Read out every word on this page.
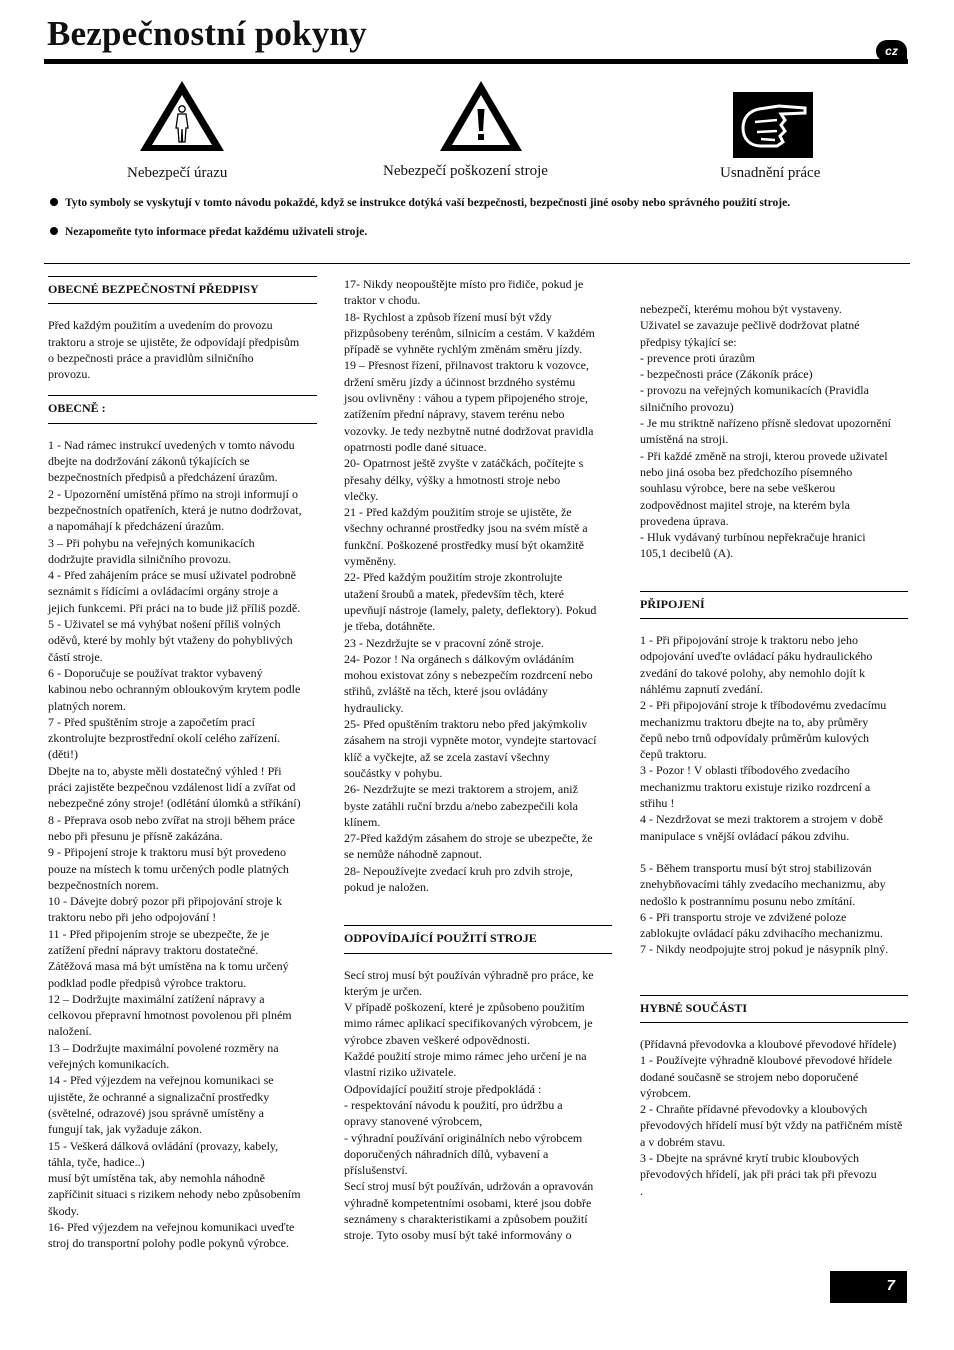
Bezpečnostní pokyny	cz
Nebezpečí úrazu	Nebezpečí poškození stroje	Usnadnění práce
Tyto symboly se vyskytují v tomto návodu pokaždé, když se instrukce dotýká vaší bezpečnosti, bezpečnosti jiné osoby nebo správného použití stroje.
Nezapomeňte tyto informace předat každému uživateli stroje.
OBECNÉ BEZPEČNOSTNÍ PŘEDPISY

Před každým použitím a uvedením do provozu

traktoru a stroje se ujistěte, že odpovídají předpisům

o bezpečnosti práce a pravidlům silničního

provozu.

OBECNĚ :

1 - Nad rámec instrukcí uvedených v tomto návodu

dbejte na dodržování zákonů týkajících se

bezpečnostních předpisů a předcházení úrazům.

2 - Upozornění umístěná přímo na stroji informují o

bezpečnostních opatřeních, která je nutno dodržovat,

a napomáhají k předcházení úrazům.

3 – Při pohybu na veřejných komunikacích

dodržujte pravidla silničního provozu.

4 - Před zahájením práce se musí uživatel podrobně

seznámit s řídícími a ovládacími orgány stroje a

jejich funkcemi. Při práci na to bude již příliš pozdě.

5 - Uživatel se má vyhýbat nošení příliš volných

oděvů, které by mohly být vtaženy do pohyblivých

částí stroje.

6 - Doporučuje se používat traktor vybavený

kabinou nebo ochranným obloukovým krytem podle

platných norem.

7 - Před spuštěním stroje a započetím prací

zkontrolujte bezprostřední okolí celého zařízení.

(děti!)

Dbejte na to, abyste měli dostatečný výhled ! Při

práci zajistěte bezpečnou vzdálenost lidí a zvířat od

nebezpečné zóny stroje! (odlétání úlomků a stříkání)

8 - Přeprava osob nebo zvířat na stroji během práce

nebo při přesunu je přísně zakázána.

9 - Připojení stroje k traktoru musí být provedeno

pouze na místech k tomu určených podle platných

bezpečnostních norem.

10 - Dávejte dobrý pozor při připojování stroje k

traktoru nebo při jeho odpojování !

11 - Před připojením stroje se ubezpečte, že je

zatížení přední nápravy traktoru dostatečné.

Zátěžová masa má být umístěna na k tomu určený

podklad podle předpisů výrobce traktoru.

12 – Dodržujte maximální zatížení nápravy a

celkovou přepravní hmotnost povolenou při plném

naložení.

13 – Dodržujte maximální povolené rozměry na

veřejných komunikacích.

14 - Před výjezdem na veřejnou komunikaci se

ujistěte, že ochranné a signalizační prostředky

(světelné, odrazové) jsou správně umístěny a

fungují tak, jak vyžaduje zákon.

15 - Veškerá dálková ovládání (provazy, kabely,

táhla, tyče, hadice..)

musí být umístěna tak, aby nemohla náhodně

zapříčinit situaci s rizikem nehody nebo způsobením

škody.

16- Před výjezdem na veřejnou komunikaci uveďte

stroj do transportní polohy podle pokynů výrobce.

17- Nikdy neopouštějte místo pro řidiče, pokud je

traktor v chodu.

18- Rychlost a způsob řízení musí být vždy

přizpůsobeny terénům, silnicím a cestám. V každém

případě se vyhněte rychlým změnám směru jízdy.

19 – Přesnost řízení, přilnavost traktoru k vozovce,

držení směru jízdy a účinnost brzdného systému

jsou ovlivněny : váhou a typem připojeného stroje,

zatížením přední nápravy, stavem terénu nebo

vozovky. Je tedy nezbytně nutné dodržovat pravidla

opatrnosti podle dané situace.

20- Opatrnost ještě zvyšte v zatáčkách, počítejte s

přesahy délky, výšky a hmotnosti stroje nebo

vlečky.

21 - Před každým použitím stroje se ujistěte, že

všechny ochranné prostředky jsou na svém místě a

funkční. Poškozené prostředky musí být okamžitě

vyměněny.

22- Před každým použitím stroje zkontrolujte

utažení šroubů a matek, především těch, které

upevňují nástroje (lamely, palety, deflektory). Pokud

je třeba, dotáhněte.

23 - Nezdržujte se v pracovní zóně stroje.

24- Pozor ! Na orgánech s dálkovým ovládáním

mohou existovat zóny s nebezpečím rozdrcení nebo

střihů, zvláště na těch, které jsou ovládány

hydraulicky.

25- Před opuštěním traktoru nebo před jakýmkoliv

zásahem na stroji vypněte motor, vyndejte startovací

klíč a vyčkejte, až se zcela zastaví všechny

součástky v pohybu.

26- Nezdržujte se mezi traktorem a strojem, aniž

byste zatáhli ruční brzdu a/nebo zabezpečili kola

klínem.

27-Před každým zásahem do stroje se ubezpečte, že

se nemůže náhodně zapnout.

28- Nepoužívejte zvedací kruh pro zdvih stroje,

pokud je naložen.

ODPOVÍDAJÍCÍ POUŽITÍ STROJE

Secí stroj musí být používán výhradně pro práce, ke

kterým je určen.

V případě poškození, které je způsobeno použitím

mimo rámec aplikací specifikovaných výrobcem, je

výrobce zbaven veškeré odpovědnosti.

Každé použití stroje mimo rámec jeho určení je na

vlastní riziko uživatele.

Odpovídající použití stroje předpokládá :

- respektování návodu k použití, pro údržbu a

opravy stanovené výrobcem,

- výhradní používání originálních nebo výrobcem

doporučených náhradních dílů, vybavení a

příslušenství.

Secí stroj musí být používán, udržován a opravován

výhradně kompetentními osobami, které jsou dobře

seznámeny s charakteristikami a způsobem použití

stroje. Tyto osoby musí být také informovány o

nebezpečí, kterému mohou být vystaveny.

Uživatel se zavazuje pečlivě dodržovat platné

předpisy týkající se:

- prevence proti úrazům

- bezpečnosti práce (Zákoník práce)

- provozu na veřejných komunikacích (Pravidla

silničního provozu)

- Je mu striktně nařízeno přísně sledovat upozornění

umístěná na stroji.

- Při každé změně na stroji, kterou provede uživatel

nebo jiná osoba bez předchozího písemného

souhlasu výrobce, bere na sebe veškerou

zodpovědnost majitel stroje, na kterém byla

provedena úprava.

- Hluk vydávaný turbínou nepřekračuje hranici

105,1 decibelů (A).

PŘIPOJENÍ

1 - Při připojování stroje k traktoru nebo jeho

odpojování uveďte ovládací páku hydraulického

zvedání do takové polohy, aby nemohlo dojít k

náhlému zapnutí zvedání.

2 - Při připojování stroje k tříbodovému zvedacímu

mechanizmu traktoru dbejte na to, aby průměry

čepů nebo trnů odpovídaly průměrům kulových

čepů traktoru.

3 - Pozor ! V oblasti tříbodového zvedacího

mechanizmu traktoru existuje riziko rozdrcení a

střihu !

4 - Nezdržovat se mezi traktorem a strojem v době

manipulace s vnější ovládací pákou zdvihu.

5 - Během transportu musí být stroj stabilizován

znehybňovacími táhly zvedacího mechanizmu, aby

nedošlo k postrannímu posunu nebo zmítání.

6 - Při transportu stroje ve zdvižené poloze

zablokujte ovládací páku zdvihacího mechanizmu.

7 - Nikdy neodpojujte stroj pokud je násypník plný.

HYBNÉ SOUČÁSTI

(Přídavná převodovka a kloubové převodové hřídele)

1 - Používejte výhradně kloubové převodové hřídele

dodané současně se strojem nebo doporučené

výrobcem.

2 - Chraňte přídavné převodovky a kloubových

převodových hřídelí musí být vždy na patřičném místě

a v dobrém stavu.

3 - Dbejte na správné krytí trubic kloubových

převodových hřídelí, jak při práci tak při převozu

.

7
